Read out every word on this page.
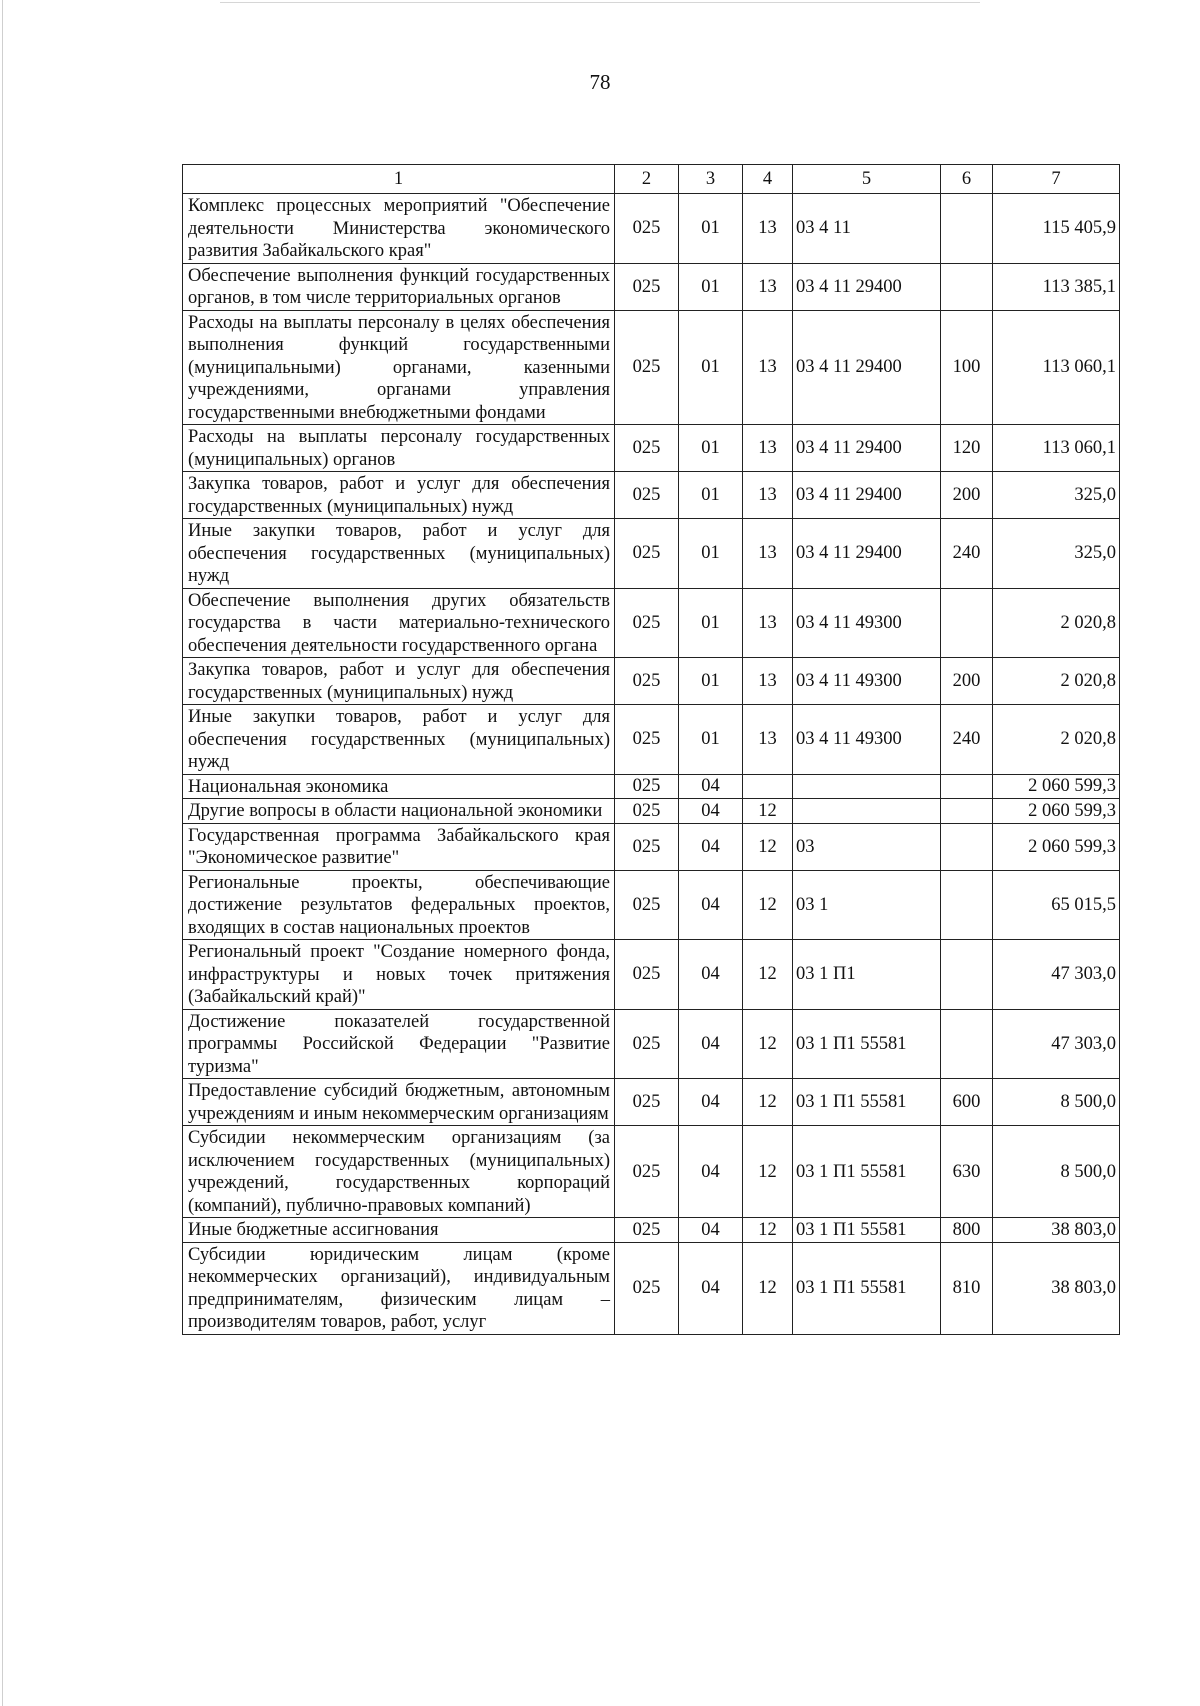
78
1	2	3	4	5	6	7
Комплекс процессных мероприятий "Обеспечение деятельности Министерства экономического развития Забайкальского края"	025	01	13	03 4 11		115 405,9
Обеспечение выполнения функций государственных органов, в том числе территориальных органов	025	01	13	03 4 11 29400		113 385,1
Расходы на выплаты персоналу в целях обеспечения выполнения функций государственными (муниципальными) органами, казенными учреждениями, органами управления государственными внебюджетными фондами	025	01	13	03 4 11 29400	100	113 060,1
Расходы на выплаты персоналу государственных (муниципальных) органов	025	01	13	03 4 11 29400	120	113 060,1
Закупка товаров, работ и услуг для обеспечения государственных (муниципальных) нужд	025	01	13	03 4 11 29400	200	325,0
Иные закупки товаров, работ и услуг для обеспечения государственных (муниципальных) нужд	025	01	13	03 4 11 29400	240	325,0
Обеспечение выполнения других обязательств государства в части материально-технического обеспечения деятельности государственного органа	025	01	13	03 4 11 49300		2 020,8
Закупка товаров, работ и услуг для обеспечения государственных (муниципальных) нужд	025	01	13	03 4 11 49300	200	2 020,8
Иные закупки товаров, работ и услуг для обеспечения государственных (муниципальных) нужд	025	01	13	03 4 11 49300	240	2 020,8
Национальная экономика	025	04				2 060 599,3
Другие вопросы в области национальной экономики	025	04	12			2 060 599,3
Государственная программа Забайкальского края "Экономическое развитие"	025	04	12	03		2 060 599,3
Региональные проекты, обеспечивающие достижение результатов федеральных проектов, входящих в состав национальных проектов	025	04	12	03 1		65 015,5
Региональный проект "Создание номерного фонда, инфраструктуры и новых точек притяжения (Забайкальский край)"	025	04	12	03 1 П1		47 303,0
Достижение показателей государственной программы Российской Федерации "Развитие туризма"	025	04	12	03 1 П1 55581		47 303,0
Предоставление субсидий бюджетным, автономным учреждениям и иным некоммерческим организациям	025	04	12	03 1 П1 55581	600	8 500,0
Субсидии некоммерческим организациям (за исключением государственных (муниципальных) учреждений, государственных корпораций (компаний), публично-правовых компаний)	025	04	12	03 1 П1 55581	630	8 500,0
Иные бюджетные ассигнования	025	04	12	03 1 П1 55581	800	38 803,0
Субсидии юридическим лицам (кроме некоммерческих организаций), индивидуальным предпринимателям, физическим лицам – производителям товаров, работ, услуг	025	04	12	03 1 П1 55581	810	38 803,0
